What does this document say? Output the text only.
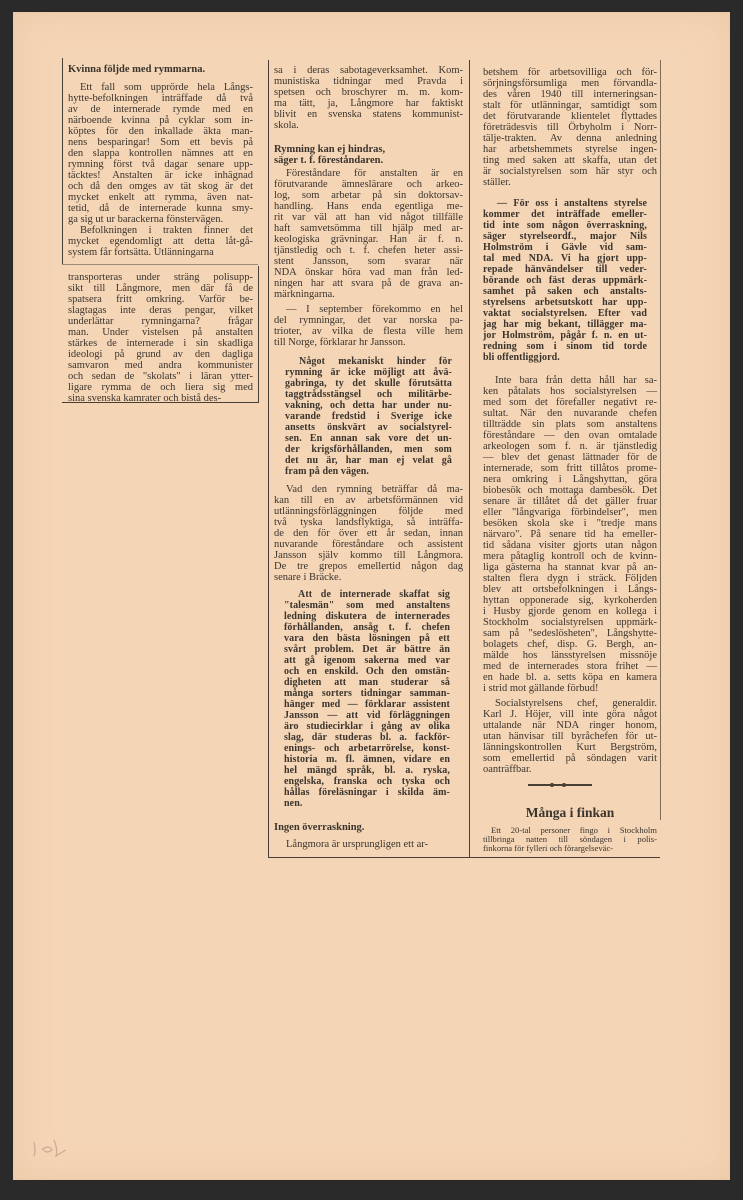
Kvinna följde med rymmarna.
Ett fall som upprörde hela Långs-
hytte-befolkningen inträffade då två
av de internerade rymde med en
närboende kvinna på cyklar som in-
köptes för den inkallade äkta man-
nens besparingar! Som ett bevis på
den slappa kontrollen nämnes att en
rymning först två dagar senare upp-
täcktes! Anstalten är icke inhägnad
och då den omges av tät skog är det
mycket enkelt att rymma, även nat-
tetid, då de internerade kunna smy-
ga sig ut ur barackerna fönstervägen.
Befolkningen i trakten finner det
mycket egendomligt att detta låt-gå-
system får fortsätta. Utlänningarna
transporteras under sträng polisupp-
sikt till Långmore, men där få de
spatsera fritt omkring. Varför be-
slagtagas inte deras pengar, vilket
underlättar rymningarna? frågar
man. Under vistelsen på anstalten
stärkes de internerade i sin skadliga
ideologi på grund av den dagliga
samvaron med andra kommunister
och sedan de "skolats" i läran ytter-
ligare rymma de och liera sig med
sina svenska kamrater och bistå des-
sa i deras sabotageverksamhet. Kom-
munistiska tidningar med Pravda i
spetsen och broschyrer m. m. kom-
ma tätt, ja, Långmore har faktiskt
blivit en svenska statens kommunist-
skola.
Rymning kan ej hindras,
säger t. f. föreståndaren.
Föreståndare för anstalten är en
förutvarande ämneslärare och arkeo-
log, som arbetar på sin doktorsav-
handling. Hans enda egentliga me-
rit var väl att han vid något tillfälle
haft samvetsömma till hjälp med ar-
keologiska grävningar. Han är f. n.
tjänstledig och t. f. chefen heter assi-
stent Jansson, som svarar när
NDA önskar höra vad man från led-
ningen har att svara på de grava an-
märkningarna.
— I september förekommo en hel
del rymningar, det var norska pa-
trioter, av vilka de flesta ville hem
till Norge, förklarar hr Jansson.
Något mekaniskt hinder för
rymning är icke möjligt att åvä-
gabringa, ty det skulle förutsätta
taggtrådsstängsel och militärbe-
vakning, och detta har under nu-
varande fredstid i Sverige icke
ansetts önskvärt av socialstyrel-
sen. En annan sak vore det un-
der krigsförhållanden, men som
det nu är, har man ej velat gå
fram på den vägen.
Vad den rymning beträffar då ma-
kan till en av arbetsförmännen vid
utlänningsförläggningen följde med
två tyska landsflyktiga, så inträffa-
de den för över ett år sedan, innan
nuvarande föreståndare och assistent
Jansson själv kommo till Långmora.
De tre grepos emellertid någon dag
senare i Bräcke.
Att de internerade skaffat sig
"talesmän" som med anstaltens
ledning diskutera de internerades
förhållanden, ansåg t. f. chefen
vara den bästa lösningen på ett
svårt problem. Det är bättre än
att gå igenom sakerna med var
och en enskild. Och den omstän-
digheten att man studerar så
många sorters tidningar samman-
hänger med — förklarar assistent
Jansson — att vid förläggningen
äro studiecirklar i gång av olika
slag, där studeras bl. a. fackför-
enings- och arbetarrörelse, konst-
historia m. fl. ämnen, vidare en
hel mängd språk, bl. a. ryska,
engelska, franska och tyska och
hållas föreläsningar i skilda äm-
nen.
Ingen överraskning.
Långmora är ursprungligen ett ar-
betshem för arbetsovilliga och för-
sörjningsförsumliga men förvandla-
des våren 1940 till interneringsan-
stalt för utlänningar, samtidigt som
det förutvarande klientelet flyttades
företrädesvis till Örbyholm i Norr-
tälje-trakten. Av denna anledning
har arbetshemmets styrelse ingen-
ting med saken att skaffa, utan det
är socialstyrelsen som här styr och
ställer.
— För oss i anstaltens styrelse
kommer det inträffade emeller-
tid inte som någon överraskning,
säger styrelseordf., major Nils
Holmström i Gävle vid sam-
tal med NDA. Vi ha gjort upp-
repade hänvändelser till veder-
börande och fäst deras uppmärk-
samhet på saken och anstalts-
styrelsens arbetsutskott har upp-
vaktat socialstyrelsen. Efter vad
jag har mig bekant, tillägger ma-
jor Holmström, pågår f. n. en ut-
redning som i sinom tid torde
bli offentliggjord.
Inte bara från detta håll har sa-
ken påtalats hos socialstyrelsen —
med som det förefaller negativt re-
sultat. När den nuvarande chefen
tillträdde sin plats som anstaltens
föreståndare — den ovan omtalade
arkeologen som f. n. är tjänstledig
— blev det genast lättnader för de
internerade, som fritt tillåtos prome-
nera omkring i Långshyttan, göra
biobesök och mottaga dambesök. Det
senare är tillåtet då det gäller fruar
eller "långvariga förbindelser", men
besöken skola ske i "tredje mans
närvaro". På senare tid ha emeller-
tid sådana visiter gjorts utan någon
mera påtaglig kontroll och de kvinn-
liga gästerna ha stannat kvar på an-
stalten flera dygn i sträck. Följden
blev att ortsbefolkningen i Långs-
hyttan opponerade sig, kyrkoherden
i Husby gjorde genom en kollega i
Stockholm socialstyrelsen uppmärk-
sam på "sedeslösheten", Långshytte-
bolagets chef, disp. G. Bergh, an-
mälde hos länsstyrelsen missnöje
med de internerades stora frihet —
en hade bl. a. setts köpa en kamera
i strid mot gällande förbud!
Socialstyrelsens chef, generaldir.
Karl J. Höjer, vill inte göra något
uttalande när NDA ringer honom,
utan hänvisar till byråchefen för ut-
länningskontrollen Kurt Bergström,
som emellertid på söndagen varit
oanträffbar.
Många i finkan
Ett 20-tal personer fingo i Stockholm
tillbringa natten till söndagen i polis-
finkorna för fylleri och förargelseväc-
